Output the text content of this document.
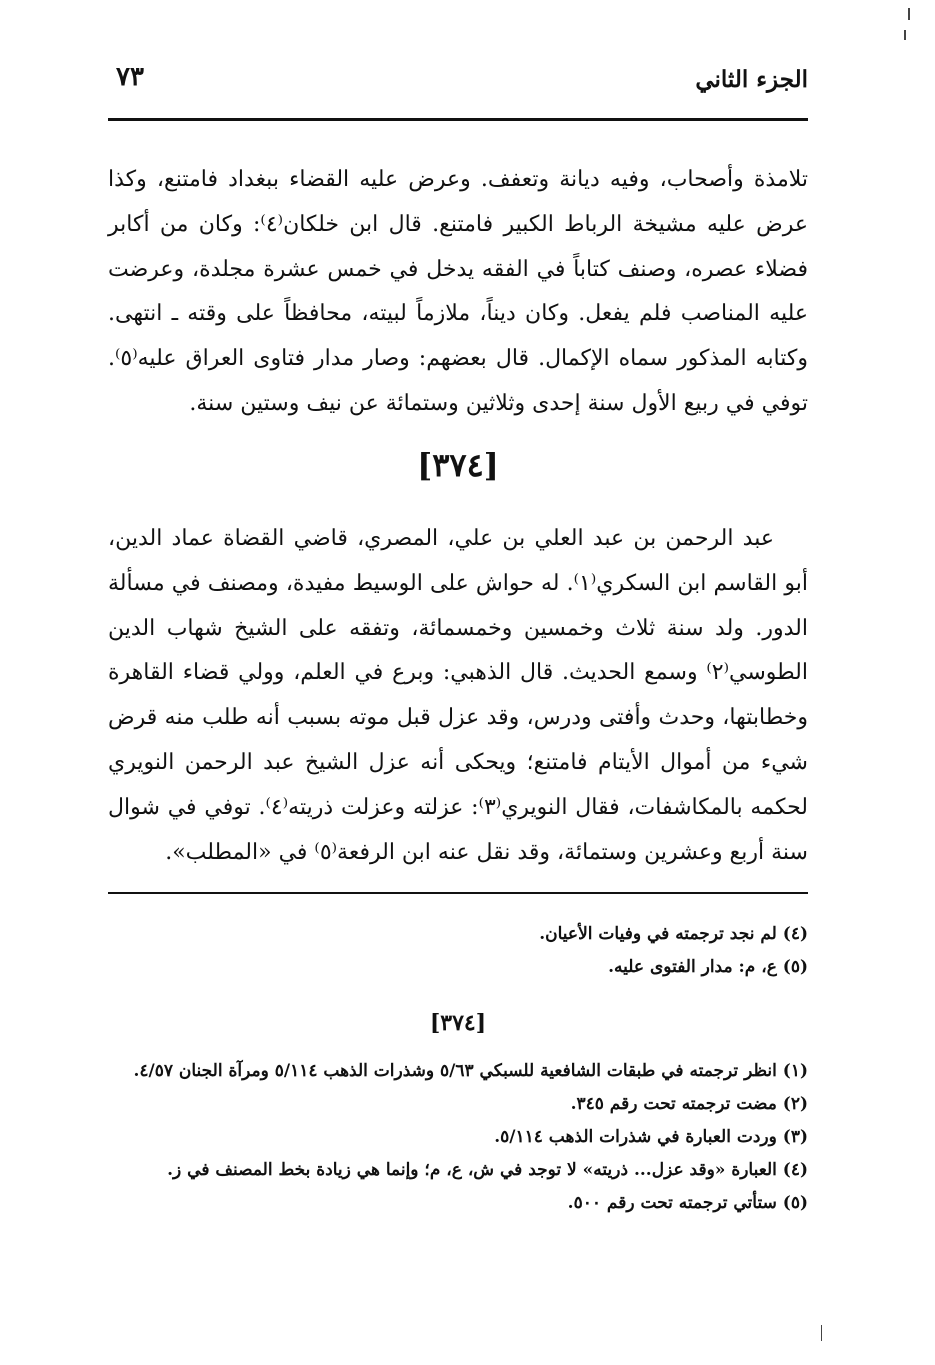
الجزء الثاني
٧٣

تلامذة وأصحاب، وفيه ديانة وتعفف. وعرض عليه القضاء ببغداد فامتنع، وكذا عرض عليه مشيخة الرباط الكبير فامتنع. قال ابن خلكان⁽٤⁾: وكان من أكابر فضلاء عصره، وصنف كتاباً في الفقه يدخل في خمس عشرة مجلدة، وعرضت عليه المناصب فلم يفعل. وكان ديناً، ملازماً لبيته، محافظاً على وقته ـ انتهى. وكتابه المذكور سماه الإكمال. قال بعضهم: وصار مدار فتاوى العراق عليه⁽٥⁾. توفي في ربيع الأول سنة إحدى وثلاثين وستمائة عن نيف وستين سنة.

[٣٧٤]

عبد الرحمن بن عبد العلي بن علي، المصري، قاضي القضاة عماد الدين، أبو القاسم ابن السكري⁽١⁾. له حواش على الوسيط مفيدة، ومصنف في مسألة الدور. ولد سنة ثلاث وخمسين وخمسمائة، وتفقه على الشيخ شهاب الدين الطوسي⁽٢⁾ وسمع الحديث. قال الذهبي: وبرع في العلم، وولي قضاء القاهرة وخطابتها، وحدث وأفتى ودرس، وقد عزل قبل موته بسبب أنه طلب منه قرض شيء من أموال الأيتام فامتنع؛ ويحكى أنه عزل الشيخ عبد الرحمن النويري لحكمه بالمكاشفات، فقال النويري⁽٣⁾: عزلته وعزلت ذريته⁽٤⁾. توفي في شوال سنة أربع وعشرين وستمائة، وقد نقل عنه ابن الرفعة⁽٥⁾ في «المطلب».

(٤) لم نجد ترجمته في وفيات الأعيان.

(٥) ع، م: مدار الفتوى عليه.

[٣٧٤]

(١) انظر ترجمته في طبقات الشافعية للسبكي ٥/٦٣ وشذرات الذهب ٥/١١٤ ومرآة الجنان ٤/٥٧.

(٢) مضت ترجمته تحت رقم ٣٤٥.

(٣) وردت العبارة في شذرات الذهب ٥/١١٤.

(٤) العبارة «وقد عزل... ذريته» لا توجد في ش، ع، م؛ وإنما هي زيادة بخط المصنف في ز.

(٥) ستأتي ترجمته تحت رقم ٥٠٠.
